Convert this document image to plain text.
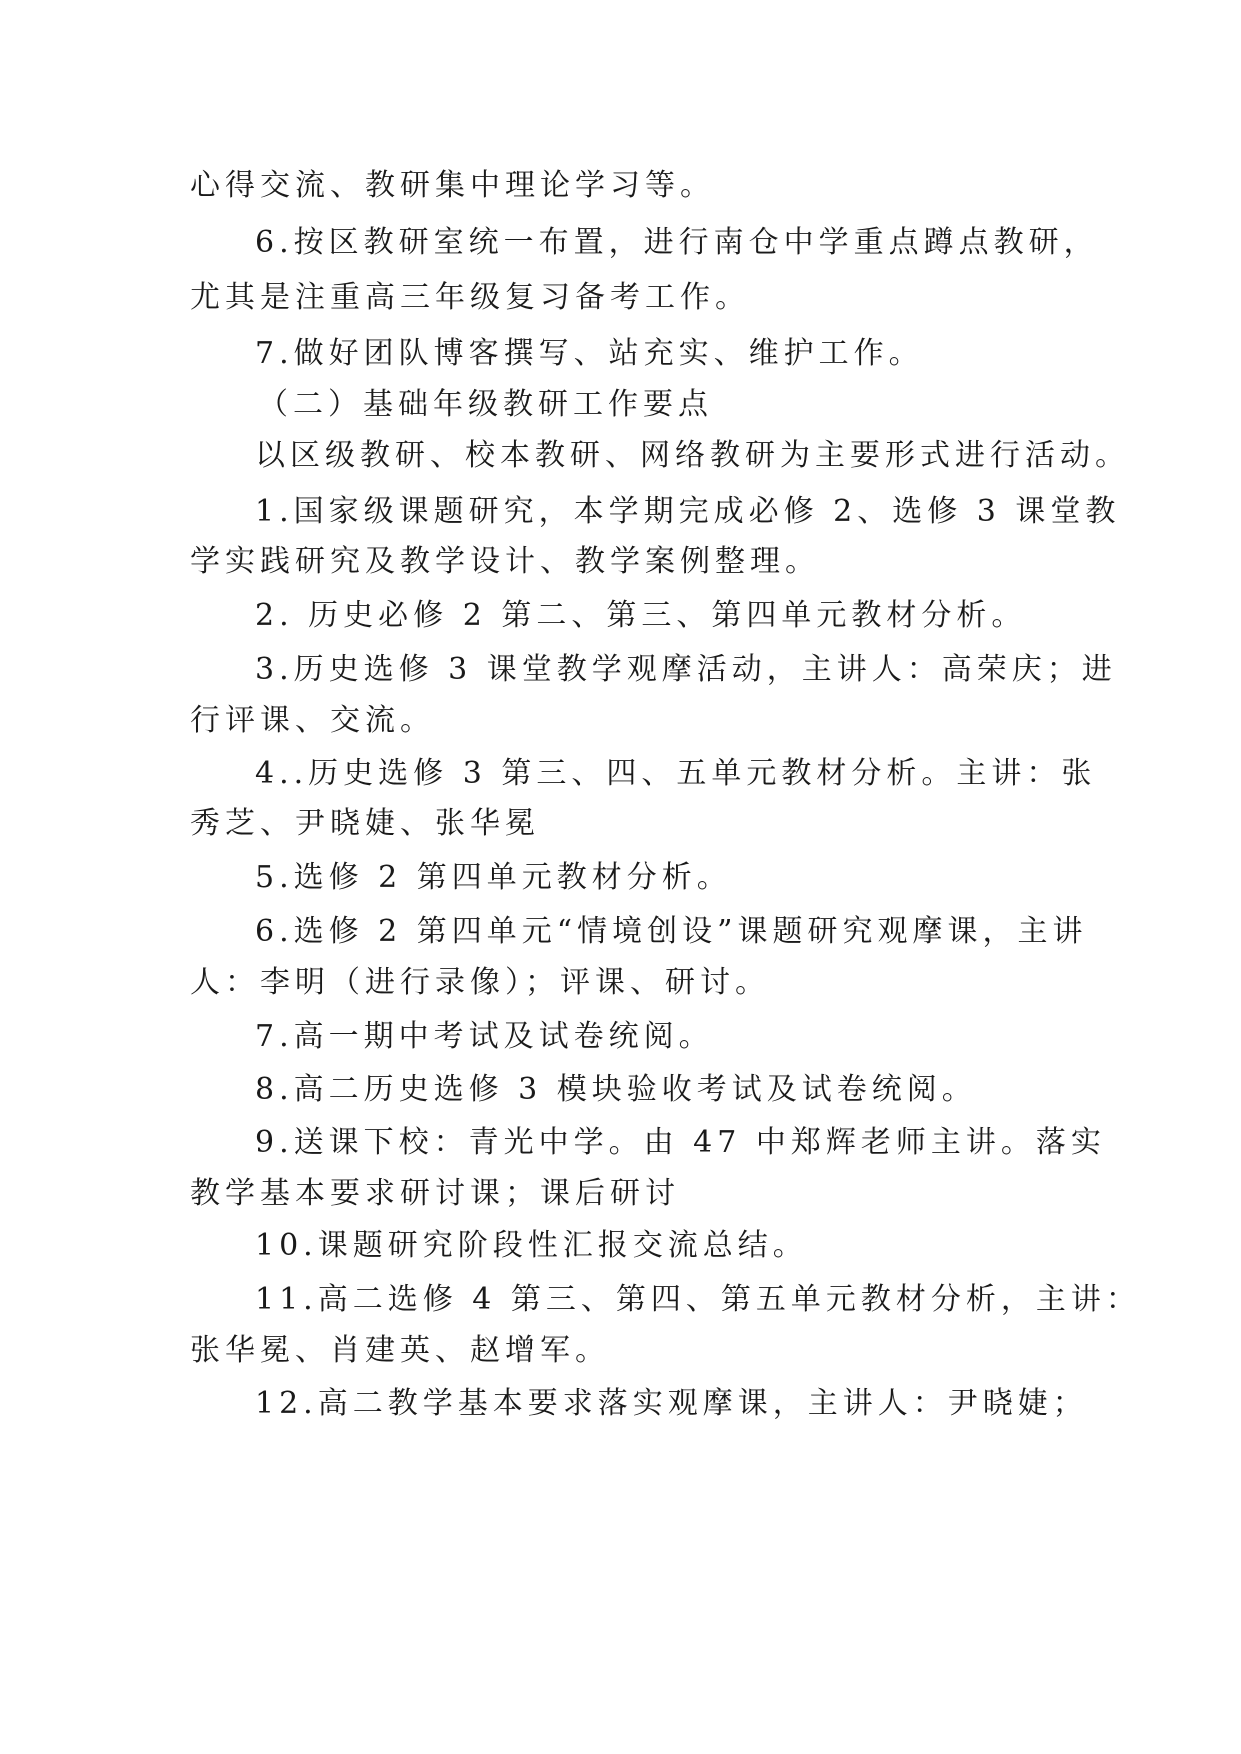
心得交流、教研集中理论学习等。
6.按区教研室统一布置，进行南仓中学重点蹲点教研，
尤其是注重高三年级复习备考工作。
7.做好团队博客撰写、站充实、维护工作。
（二）基础年级教研工作要点
以区级教研、校本教研、网络教研为主要形式进行活动。
1.国家级课题研究，本学期完成必修 2、选修 3 课堂教
学实践研究及教学设计、教学案例整理。
2. 历史必修 2 第二、第三、第四单元教材分析。
3.历史选修 3 课堂教学观摩活动，主讲人：高荣庆；进
行评课、交流。
4..历史选修 3 第三、四、五单元教材分析。主讲：张
秀芝、尹晓婕、张华冕
5.选修 2 第四单元教材分析。
6.选修 2 第四单元“情境创设”课题研究观摩课，主讲
人：李明（进行录像）；评课、研讨。
7.高一期中考试及试卷统阅。
8.高二历史选修 3 模块验收考试及试卷统阅。
9.送课下校：青光中学。由 47 中郑辉老师主讲。落实
教学基本要求研讨课；课后研讨
10.课题研究阶段性汇报交流总结。
11.高二选修 4 第三、第四、第五单元教材分析，主讲：
张华冕、肖建英、赵增军。
12.高二教学基本要求落实观摩课，主讲人：尹晓婕；
